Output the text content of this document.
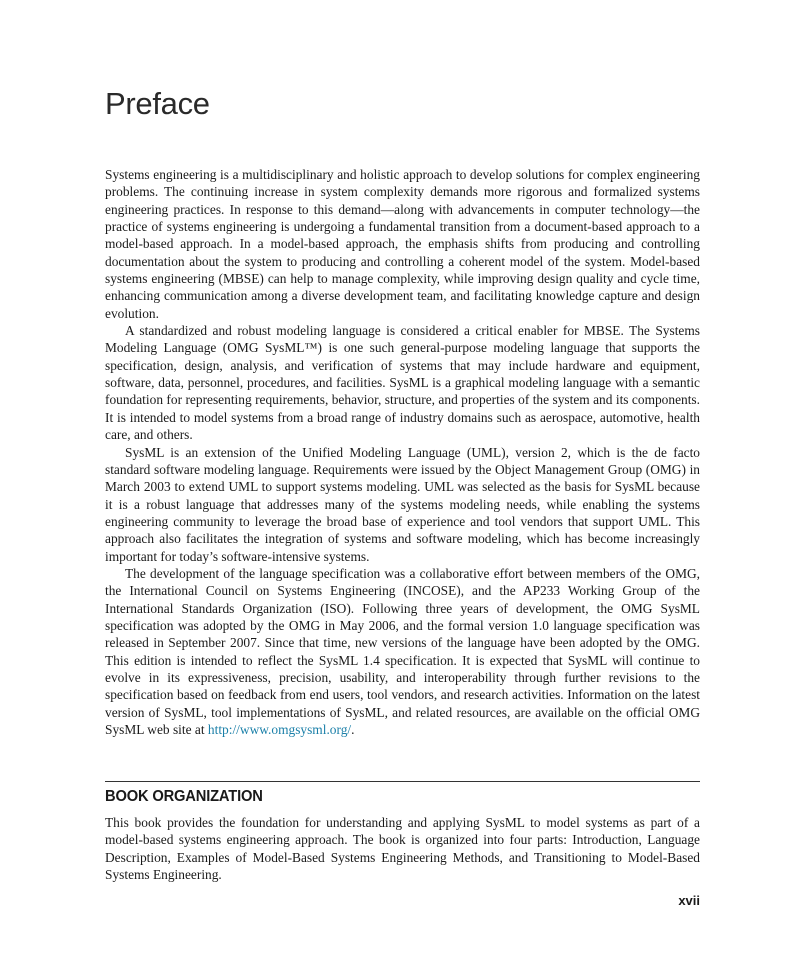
Preface

Systems engineering is a multidisciplinary and holistic approach to develop solutions for complex engineering problems. The continuing increase in system complexity demands more rigorous and formalized systems engineering practices. In response to this demand—along with advancements in computer technology—the practice of systems engineering is undergoing a fundamental transition from a document-based approach to a model-based approach. In a model-based approach, the emphasis shifts from producing and controlling documentation about the system to producing and controlling a coherent model of the system. Model-based systems engineering (MBSE) can help to manage complexity, while improving design quality and cycle time, enhancing communication among a diverse development team, and facilitating knowledge capture and design evolution.

A standardized and robust modeling language is considered a critical enabler for MBSE. The Systems Modeling Language (OMG SysML™) is one such general-purpose modeling language that supports the specification, design, analysis, and verification of systems that may include hardware and equipment, software, data, personnel, procedures, and facilities. SysML is a graphical modeling language with a semantic foundation for representing requirements, behavior, structure, and properties of the system and its components. It is intended to model systems from a broad range of industry domains such as aerospace, automotive, health care, and others.

SysML is an extension of the Unified Modeling Language (UML), version 2, which is the de facto standard software modeling language. Requirements were issued by the Object Management Group (OMG) in March 2003 to extend UML to support systems modeling. UML was selected as the basis for SysML because it is a robust language that addresses many of the systems modeling needs, while enabling the systems engineering community to leverage the broad base of experience and tool vendors that support UML. This approach also facilitates the integration of systems and software modeling, which has become increasingly important for today’s software-intensive systems.

The development of the language specification was a collaborative effort between members of the OMG, the International Council on Systems Engineering (INCOSE), and the AP233 Working Group of the International Standards Organization (ISO). Following three years of development, the OMG SysML specification was adopted by the OMG in May 2006, and the formal version 1.0 language specification was released in September 2007. Since that time, new versions of the language have been adopted by the OMG. This edition is intended to reflect the SysML 1.4 specification. It is expected that SysML will continue to evolve in its expressiveness, precision, usability, and interoperability through further revisions to the specification based on feedback from end users, tool vendors, and research activities. Information on the latest version of SysML, tool implementations of SysML, and related resources, are available on the official OMG SysML web site at http://www.omgsysml.org/.

BOOK ORGANIZATION

This book provides the foundation for understanding and applying SysML to model systems as part of a model-based systems engineering approach. The book is organized into four parts: Introduction, Language Description, Examples of Model-Based Systems Engineering Methods, and Transitioning to Model-Based Systems Engineering.

xvii
